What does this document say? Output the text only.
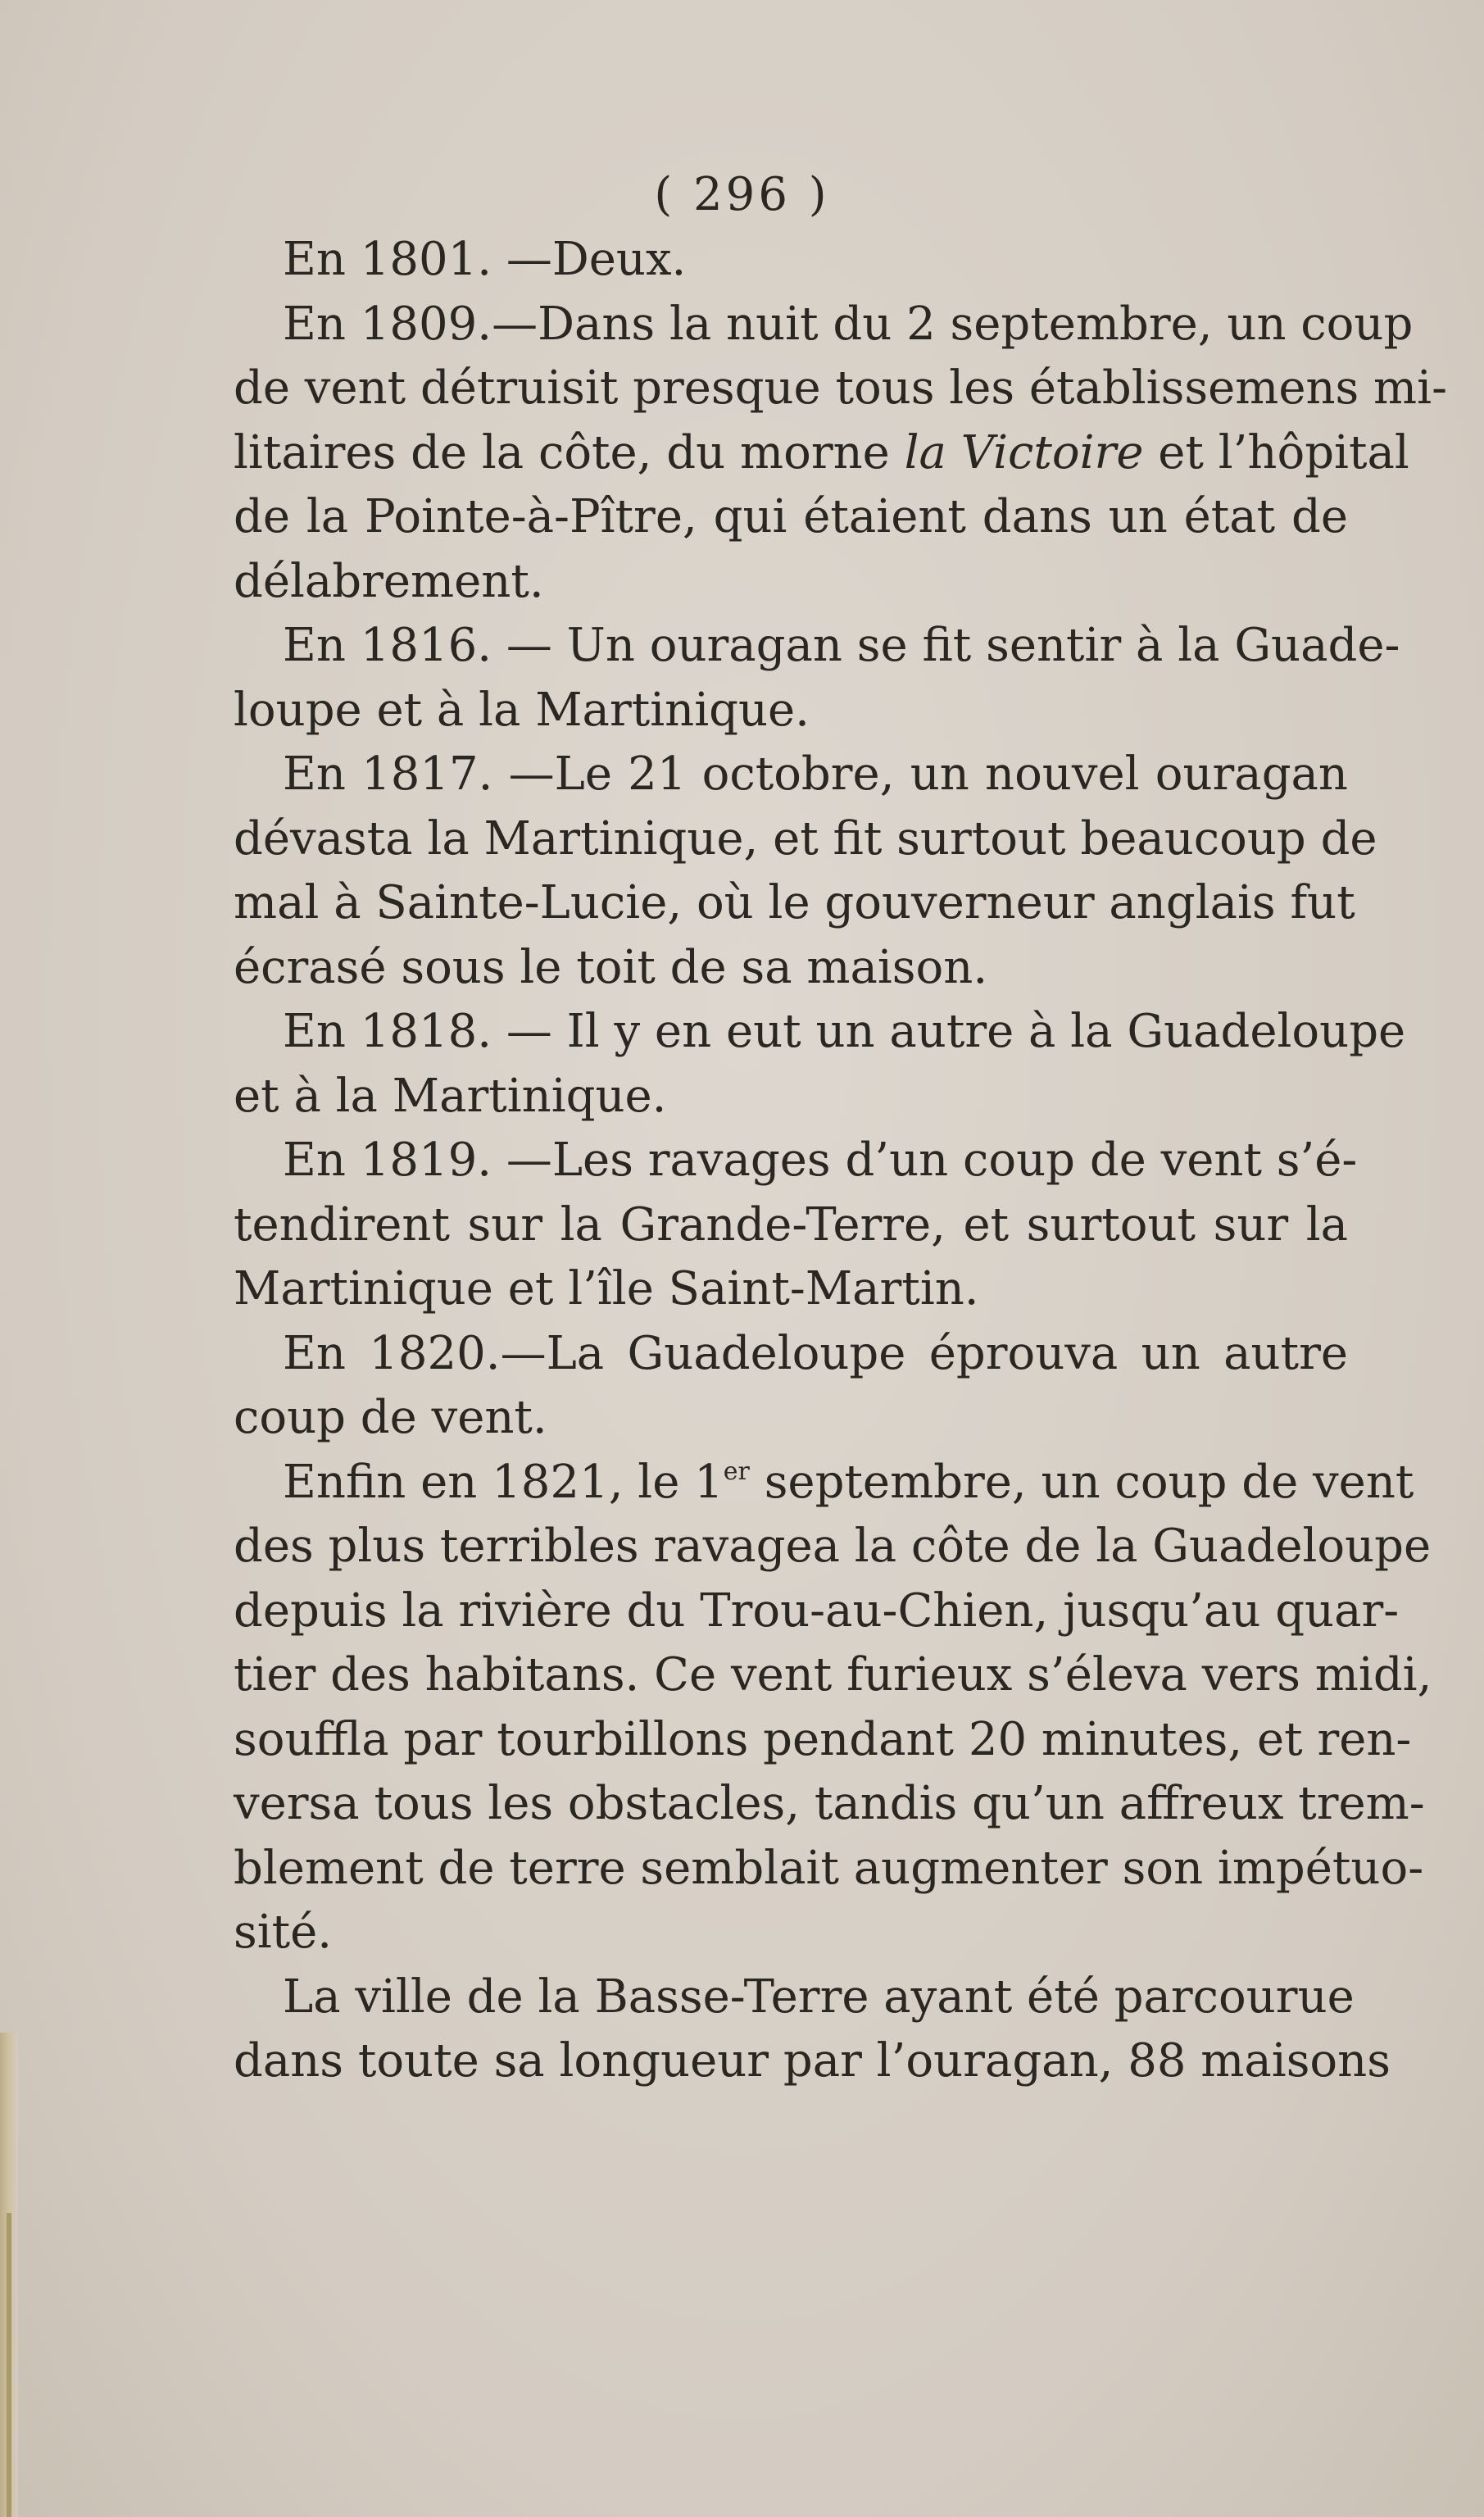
( 296 )
En 1801. —Deux.
En 1809.—Dans la nuit du 2 septembre, un coup
de vent détruisit presque tous les établissemens mi-
litaires de la côte, du morne la Victoire et l’hôpital
de la Pointe-à-Pître, qui étaient dans un état de
délabrement.
En 1816. — Un ouragan se fit sentir à la Guade-
loupe et à la Martinique.
En 1817. —Le 21 octobre, un nouvel ouragan
dévasta la Martinique, et fit surtout beaucoup de
mal à Sainte-Lucie, où le gouverneur anglais fut
écrasé sous le toit de sa maison.
En 1818. — Il y en eut un autre à la Guadeloupe
et à la Martinique.
En 1819. —Les ravages d’un coup de vent s’é-
tendirent sur la Grande-Terre, et surtout sur la
Martinique et l’île Saint-Martin.
En 1820.—La Guadeloupe éprouva un autre
coup de vent.
Enfin en 1821, le 1er septembre, un coup de vent
des plus terribles ravagea la côte de la Guadeloupe
depuis la rivière du Trou-au-Chien, jusqu’au quar-
tier des habitans. Ce vent furieux s’éleva vers midi,
souffla par tourbillons pendant 20 minutes, et ren-
versa tous les obstacles, tandis qu’un affreux trem-
blement de terre semblait augmenter son impétuo-
sité.
La ville de la Basse-Terre ayant été parcourue
dans toute sa longueur par l’ouragan, 88 maisons
